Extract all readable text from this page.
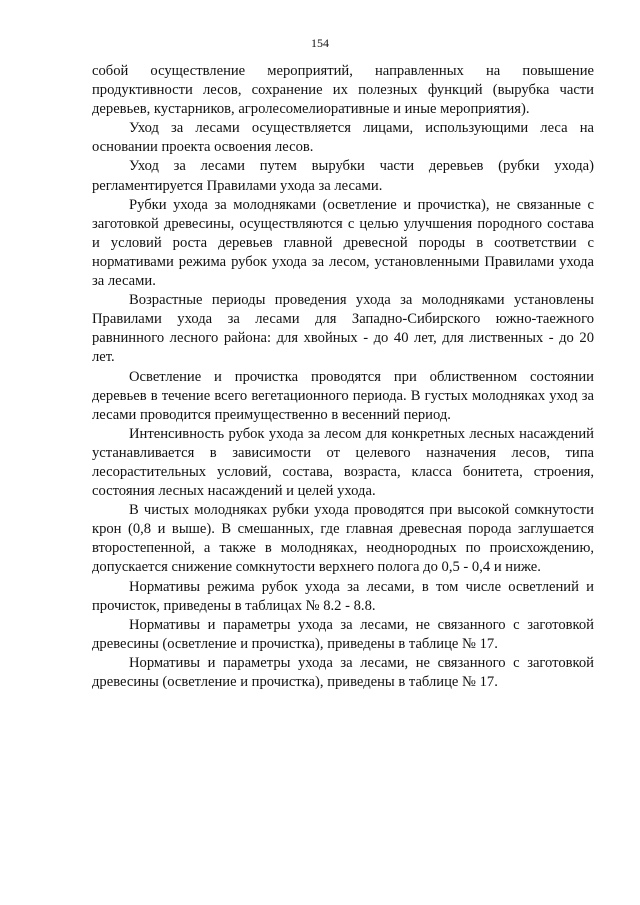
154

собой осуществление мероприятий, направленных на повышение продуктивности лесов, сохранение их полезных функций (вырубка части деревьев, кустарников, агролесомелиоративные и иные мероприятия).

Уход за лесами осуществляется лицами, использующими леса на основании проекта освоения лесов.

Уход за лесами путем вырубки части деревьев (рубки ухода) регламентируется Правилами ухода за лесами.

Рубки ухода за молодняками (осветление и прочистка), не связанные с заготовкой древесины, осуществляются с целью улучшения породного состава и условий роста деревьев главной древесной породы в соответствии с нормативами режима рубок ухода за лесом, установленными Правилами ухода за лесами.

Возрастные периоды проведения ухода за молодняками установлены Правилами ухода за лесами для Западно-Сибирского южно-таежного равнинного лесного района: для хвойных - до 40 лет, для лиственных - до 20 лет.

Осветление и прочистка проводятся при облиственном состоянии деревьев в течение всего вегетационного периода. В густых молодняках уход за лесами проводится преимущественно в весенний период.

Интенсивность рубок ухода за лесом для конкретных лесных насаждений устанавливается в зависимости от целевого назначения лесов, типа лесорастительных условий, состава, возраста, класса бонитета, строения, состояния лесных насаждений и целей ухода.

В чистых молодняках рубки ухода проводятся при высокой сомкнутости крон (0,8 и выше). В смешанных, где главная древесная порода заглушается второстепенной, а также в молодняках, неоднородных по происхождению, допускается снижение сомкнутости верхнего полога до 0,5 - 0,4 и ниже.

Нормативы режима рубок ухода за лесами, в том числе осветлений и прочисток, приведены в таблицах № 8.2 - 8.8.

Нормативы и параметры ухода за лесами, не связанного с заготовкой древесины (осветление и прочистка), приведены в таблице № 17.

Нормативы и параметры ухода за лесами, не связанного с заготовкой древесины (осветление и прочистка), приведены в таблице № 17.
